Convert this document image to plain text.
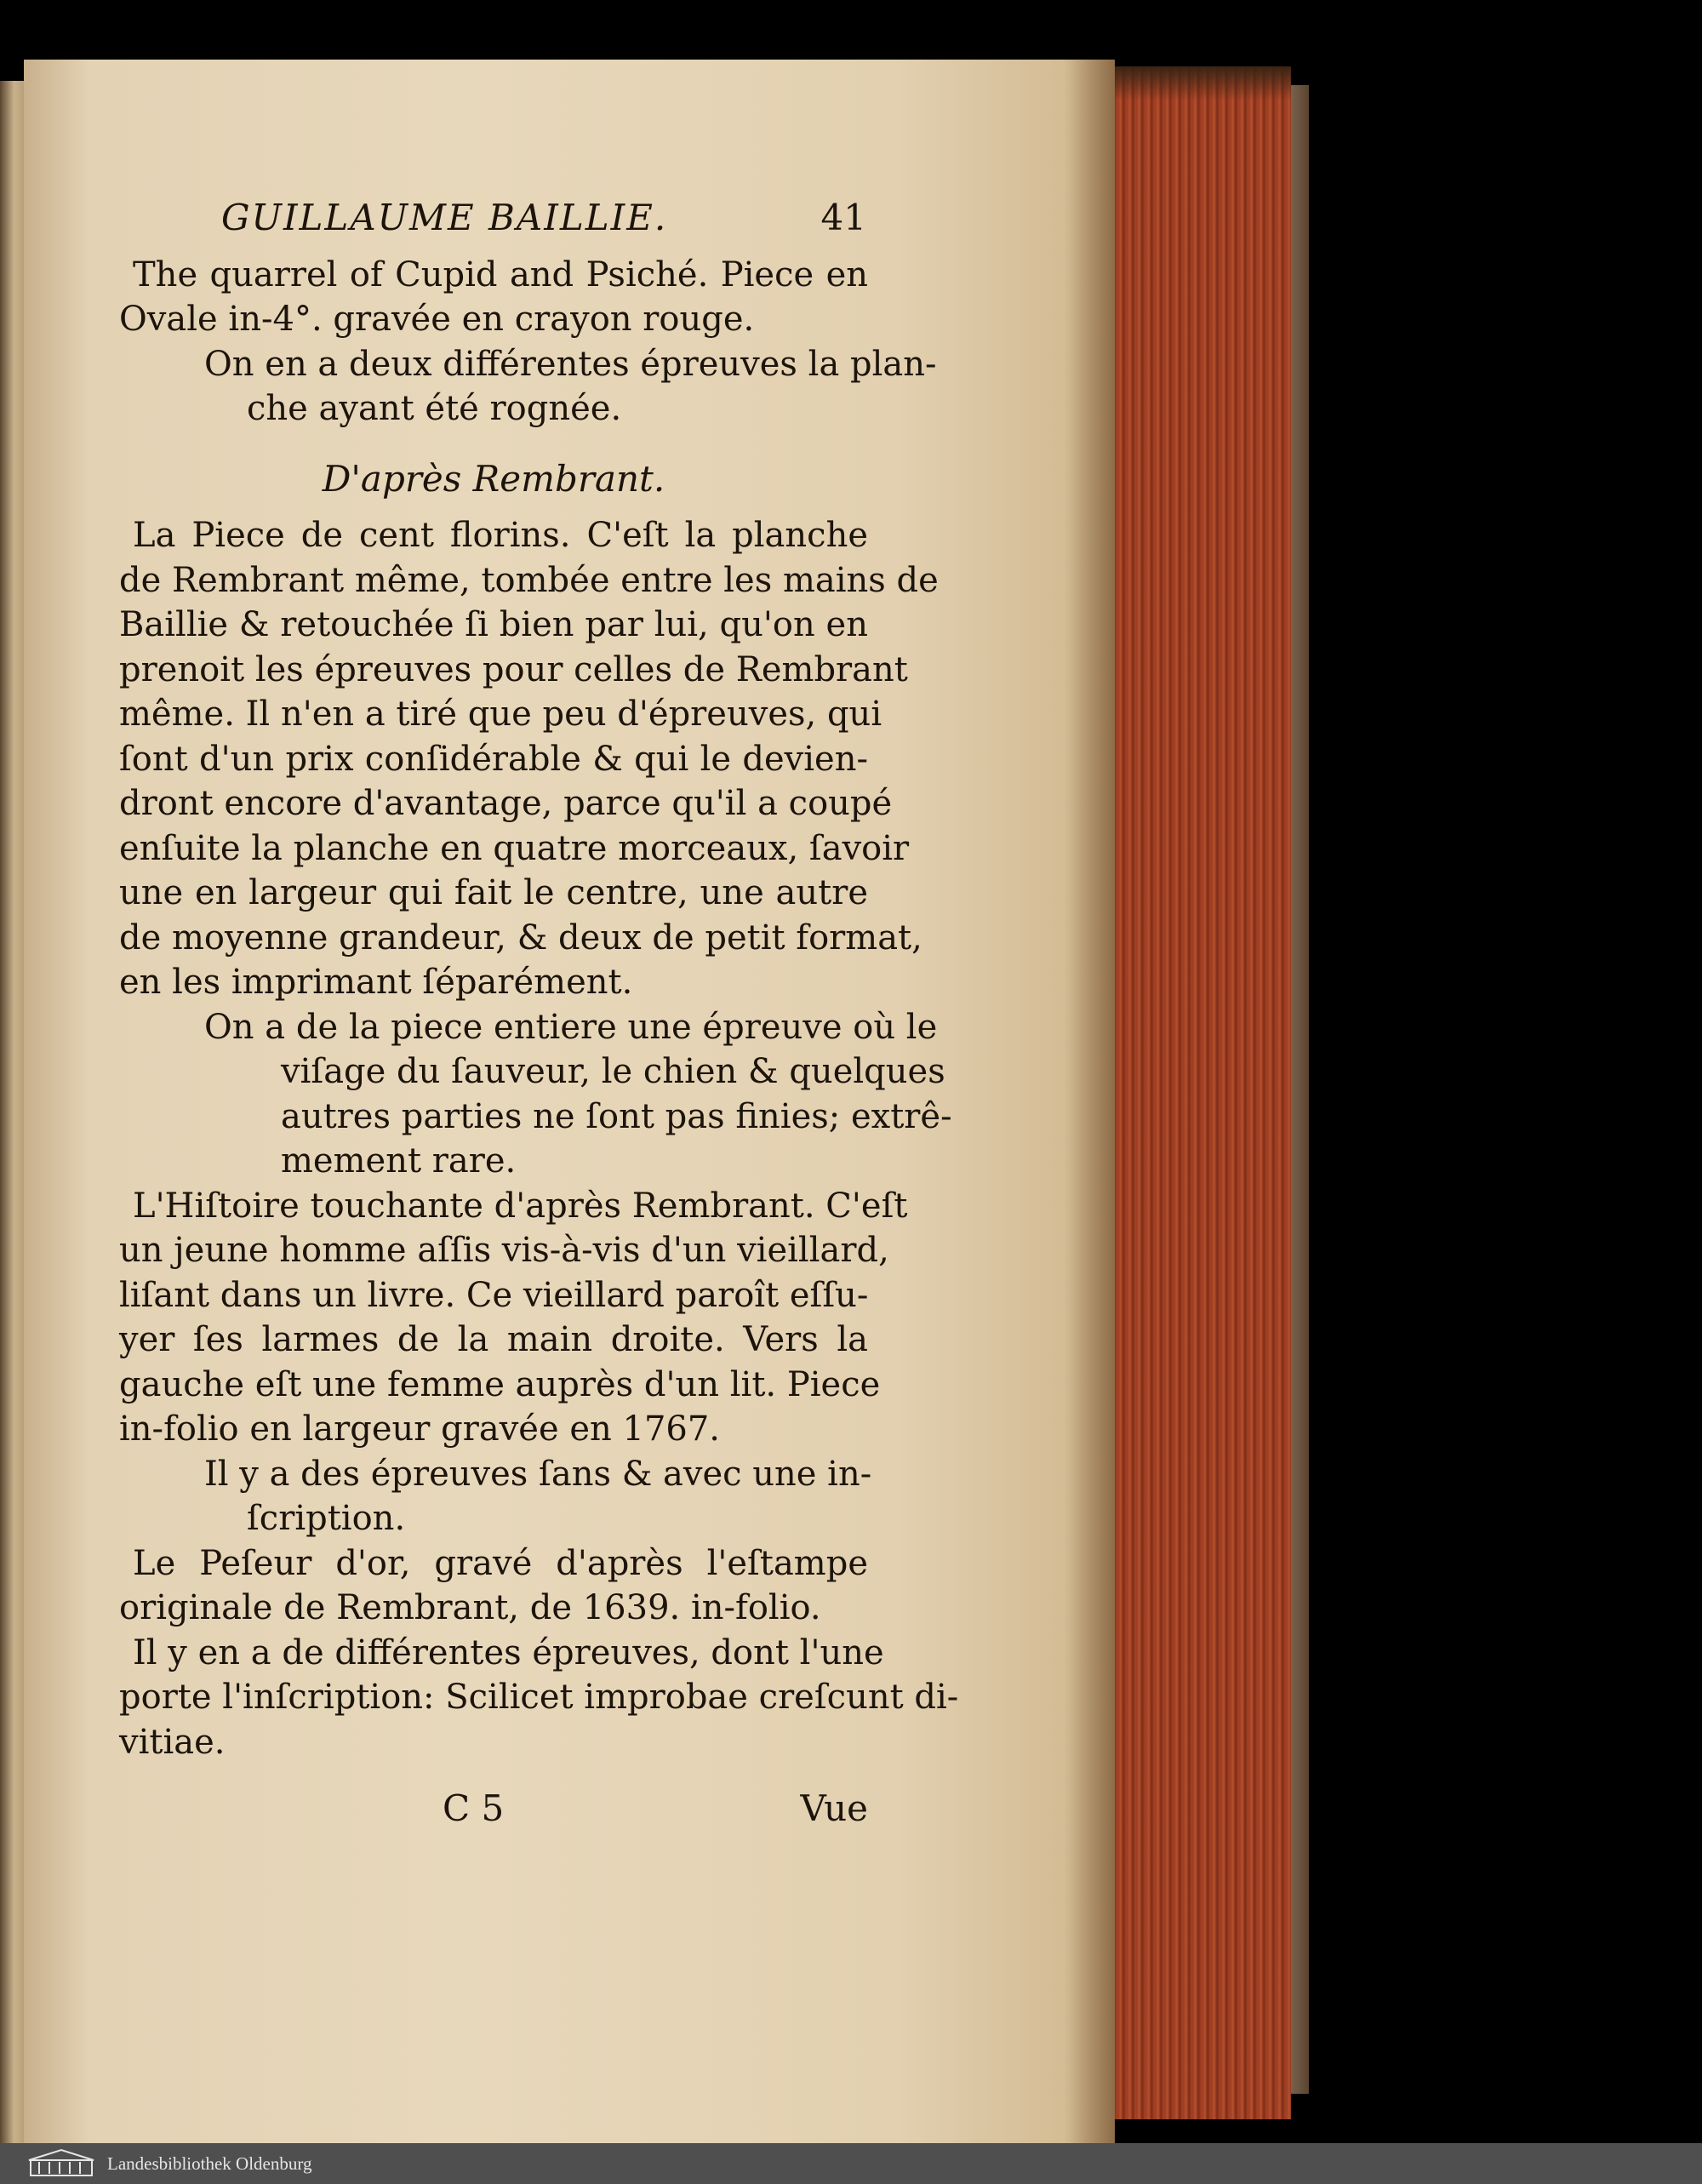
GUILLAUME BAILLIE.	41
The quarrel of Cupid and Psiché. Piece en
Ovale in-4°. gravée en crayon rouge.
On en a deux différentes épreuves la plan-
che ayant été rognée.
D'après Rembrant.
La Piece de cent florins. C'eſt la planche
de Rembrant même, tombée entre les mains de
Baillie & retouchée ſi bien par lui, qu'on en
prenoit les épreuves pour celles de Rembrant
même. Il n'en a tiré que peu d'épreuves, qui
ſont d'un prix conſidérable & qui le devien-
dront encore d'avantage, parce qu'il a coupé
enſuite la planche en quatre morceaux, ſavoir
une en largeur qui fait le centre, une autre
de moyenne grandeur, & deux de petit format,
en les imprimant ſéparément.
On a de la piece entiere une épreuve où le
viſage du ſauveur, le chien & quelques
autres parties ne ſont pas finies; extrê-
mement rare.
L'Hiſtoire touchante d'après Rembrant. C'eſt
un jeune homme aſſis vis-à-vis d'un vieillard,
liſant dans un livre. Ce vieillard paroît eſſu-
yer ſes larmes de la main droite. Vers la
gauche eſt une femme auprès d'un lit. Piece
in-folio en largeur gravée en 1767.
Il y a des épreuves ſans & avec une in-
ſcription.
Le Peſeur d'or, gravé d'après l'eſtampe
originale de Rembrant, de 1639. in-folio.
Il y en a de différentes épreuves, dont l'une
porte l'inſcription: Scilicet improbae creſcunt di-
vitiae.
C 5	Vue
Landesbibliothek Oldenburg
